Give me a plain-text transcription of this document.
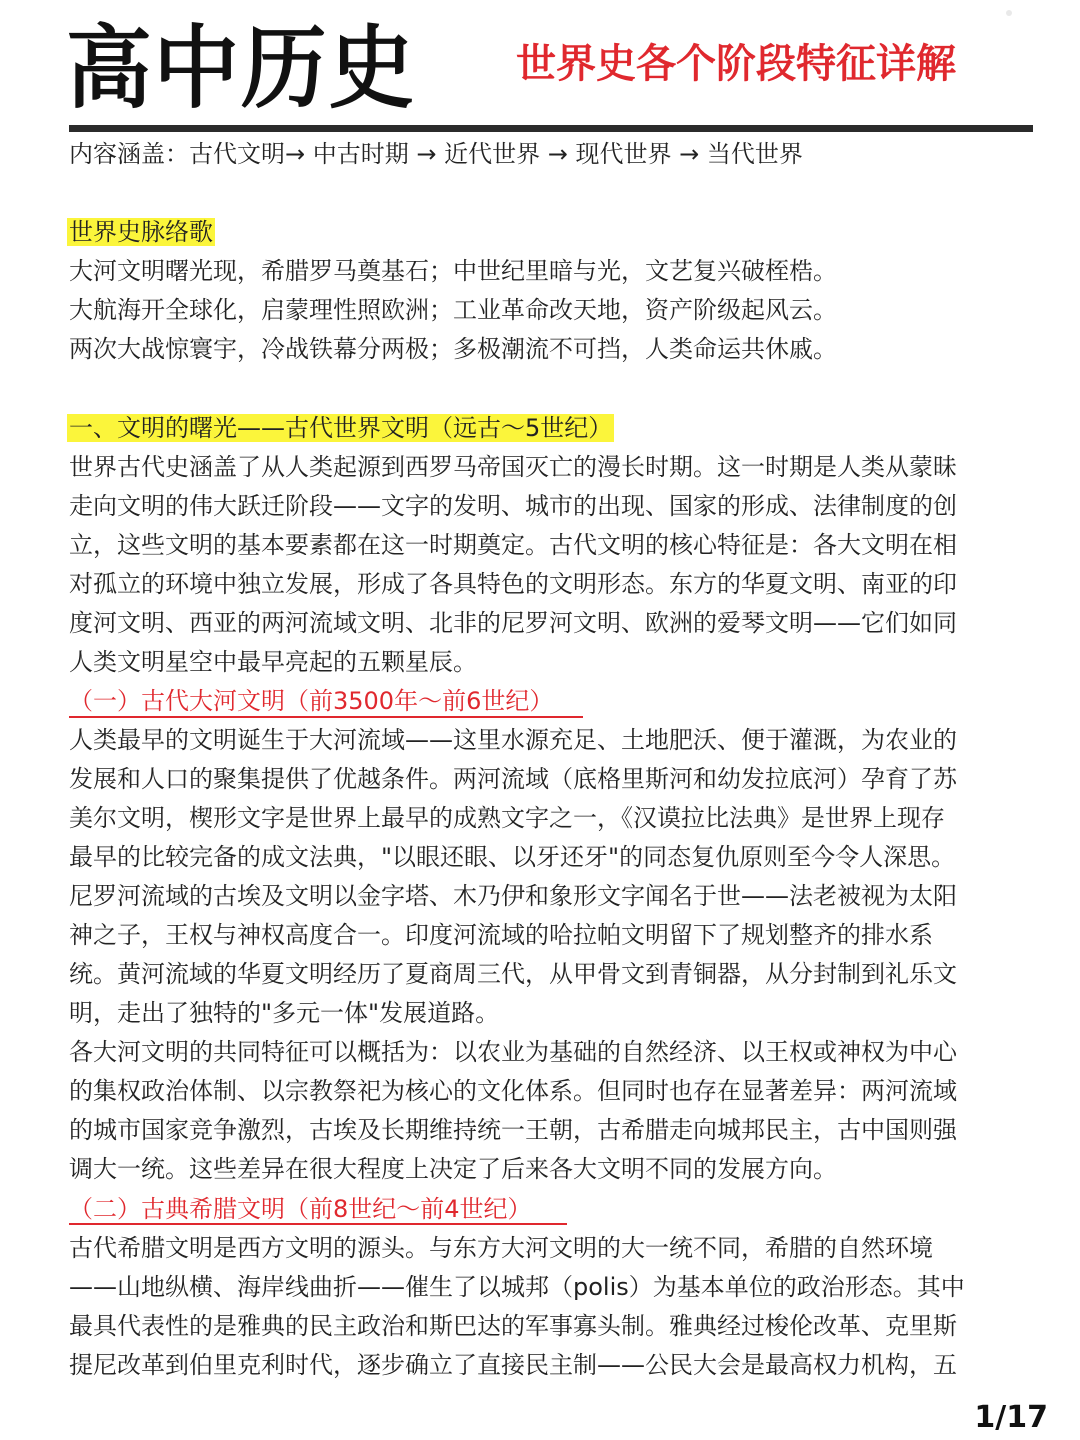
高中历史 世界史各个阶段特征详解
内容涵盖：古代文明→ 中古时期 → 近代世界 → 现代世界 → 当代世界
世界史脉络歌
大河文明曙光现，希腊罗马奠基石；中世纪里暗与光，文艺复兴破桎梏。
大航海开全球化，启蒙理性照欧洲；工业革命改天地，资产阶级起风云。
两次大战惊寰宇，冷战铁幕分两极；多极潮流不可挡，人类命运共休戚。
一、文明的曙光——古代世界文明（远古～5世纪）
世界古代史涵盖了从人类起源到西罗马帝国灭亡的漫长时期。这一时期是人类从蒙昧
走向文明的伟大跃迁阶段——文字的发明、城市的出现、国家的形成、法律制度的创
立，这些文明的基本要素都在这一时期奠定。古代文明的核心特征是：各大文明在相
对孤立的环境中独立发展，形成了各具特色的文明形态。东方的华夏文明、南亚的印
度河文明、西亚的两河流域文明、北非的尼罗河文明、欧洲的爱琴文明——它们如同
人类文明星空中最早亮起的五颗星辰。
（一）古代大河文明（前3500年～前6世纪）
人类最早的文明诞生于大河流域——这里水源充足、土地肥沃、便于灌溉，为农业的
发展和人口的聚集提供了优越条件。两河流域（底格里斯河和幼发拉底河）孕育了苏
美尔文明，楔形文字是世界上最早的成熟文字之一，《汉谟拉比法典》是世界上现存
最早的比较完备的成文法典，"以眼还眼、以牙还牙"的同态复仇原则至今令人深思。
尼罗河流域的古埃及文明以金字塔、木乃伊和象形文字闻名于世——法老被视为太阳
神之子，王权与神权高度合一。印度河流域的哈拉帕文明留下了规划整齐的排水系
统。黄河流域的华夏文明经历了夏商周三代，从甲骨文到青铜器，从分封制到礼乐文
明，走出了独特的"多元一体"发展道路。
各大河文明的共同特征可以概括为：以农业为基础的自然经济、以王权或神权为中心
的集权政治体制、以宗教祭祀为核心的文化体系。但同时也存在显著差异：两河流域
的城市国家竞争激烈，古埃及长期维持统一王朝，古希腊走向城邦民主，古中国则强
调大一统。这些差异在很大程度上决定了后来各大文明不同的发展方向。
（二）古典希腊文明（前8世纪～前4世纪）
古代希腊文明是西方文明的源头。与东方大河文明的大一统不同，希腊的自然环境
——山地纵横、海岸线曲折——催生了以城邦（polis）为基本单位的政治形态。其中
最具代表性的是雅典的民主政治和斯巴达的军事寡头制。雅典经过梭伦改革、克里斯
提尼改革到伯里克利时代，逐步确立了直接民主制——公民大会是最高权力机构，五
1/17
